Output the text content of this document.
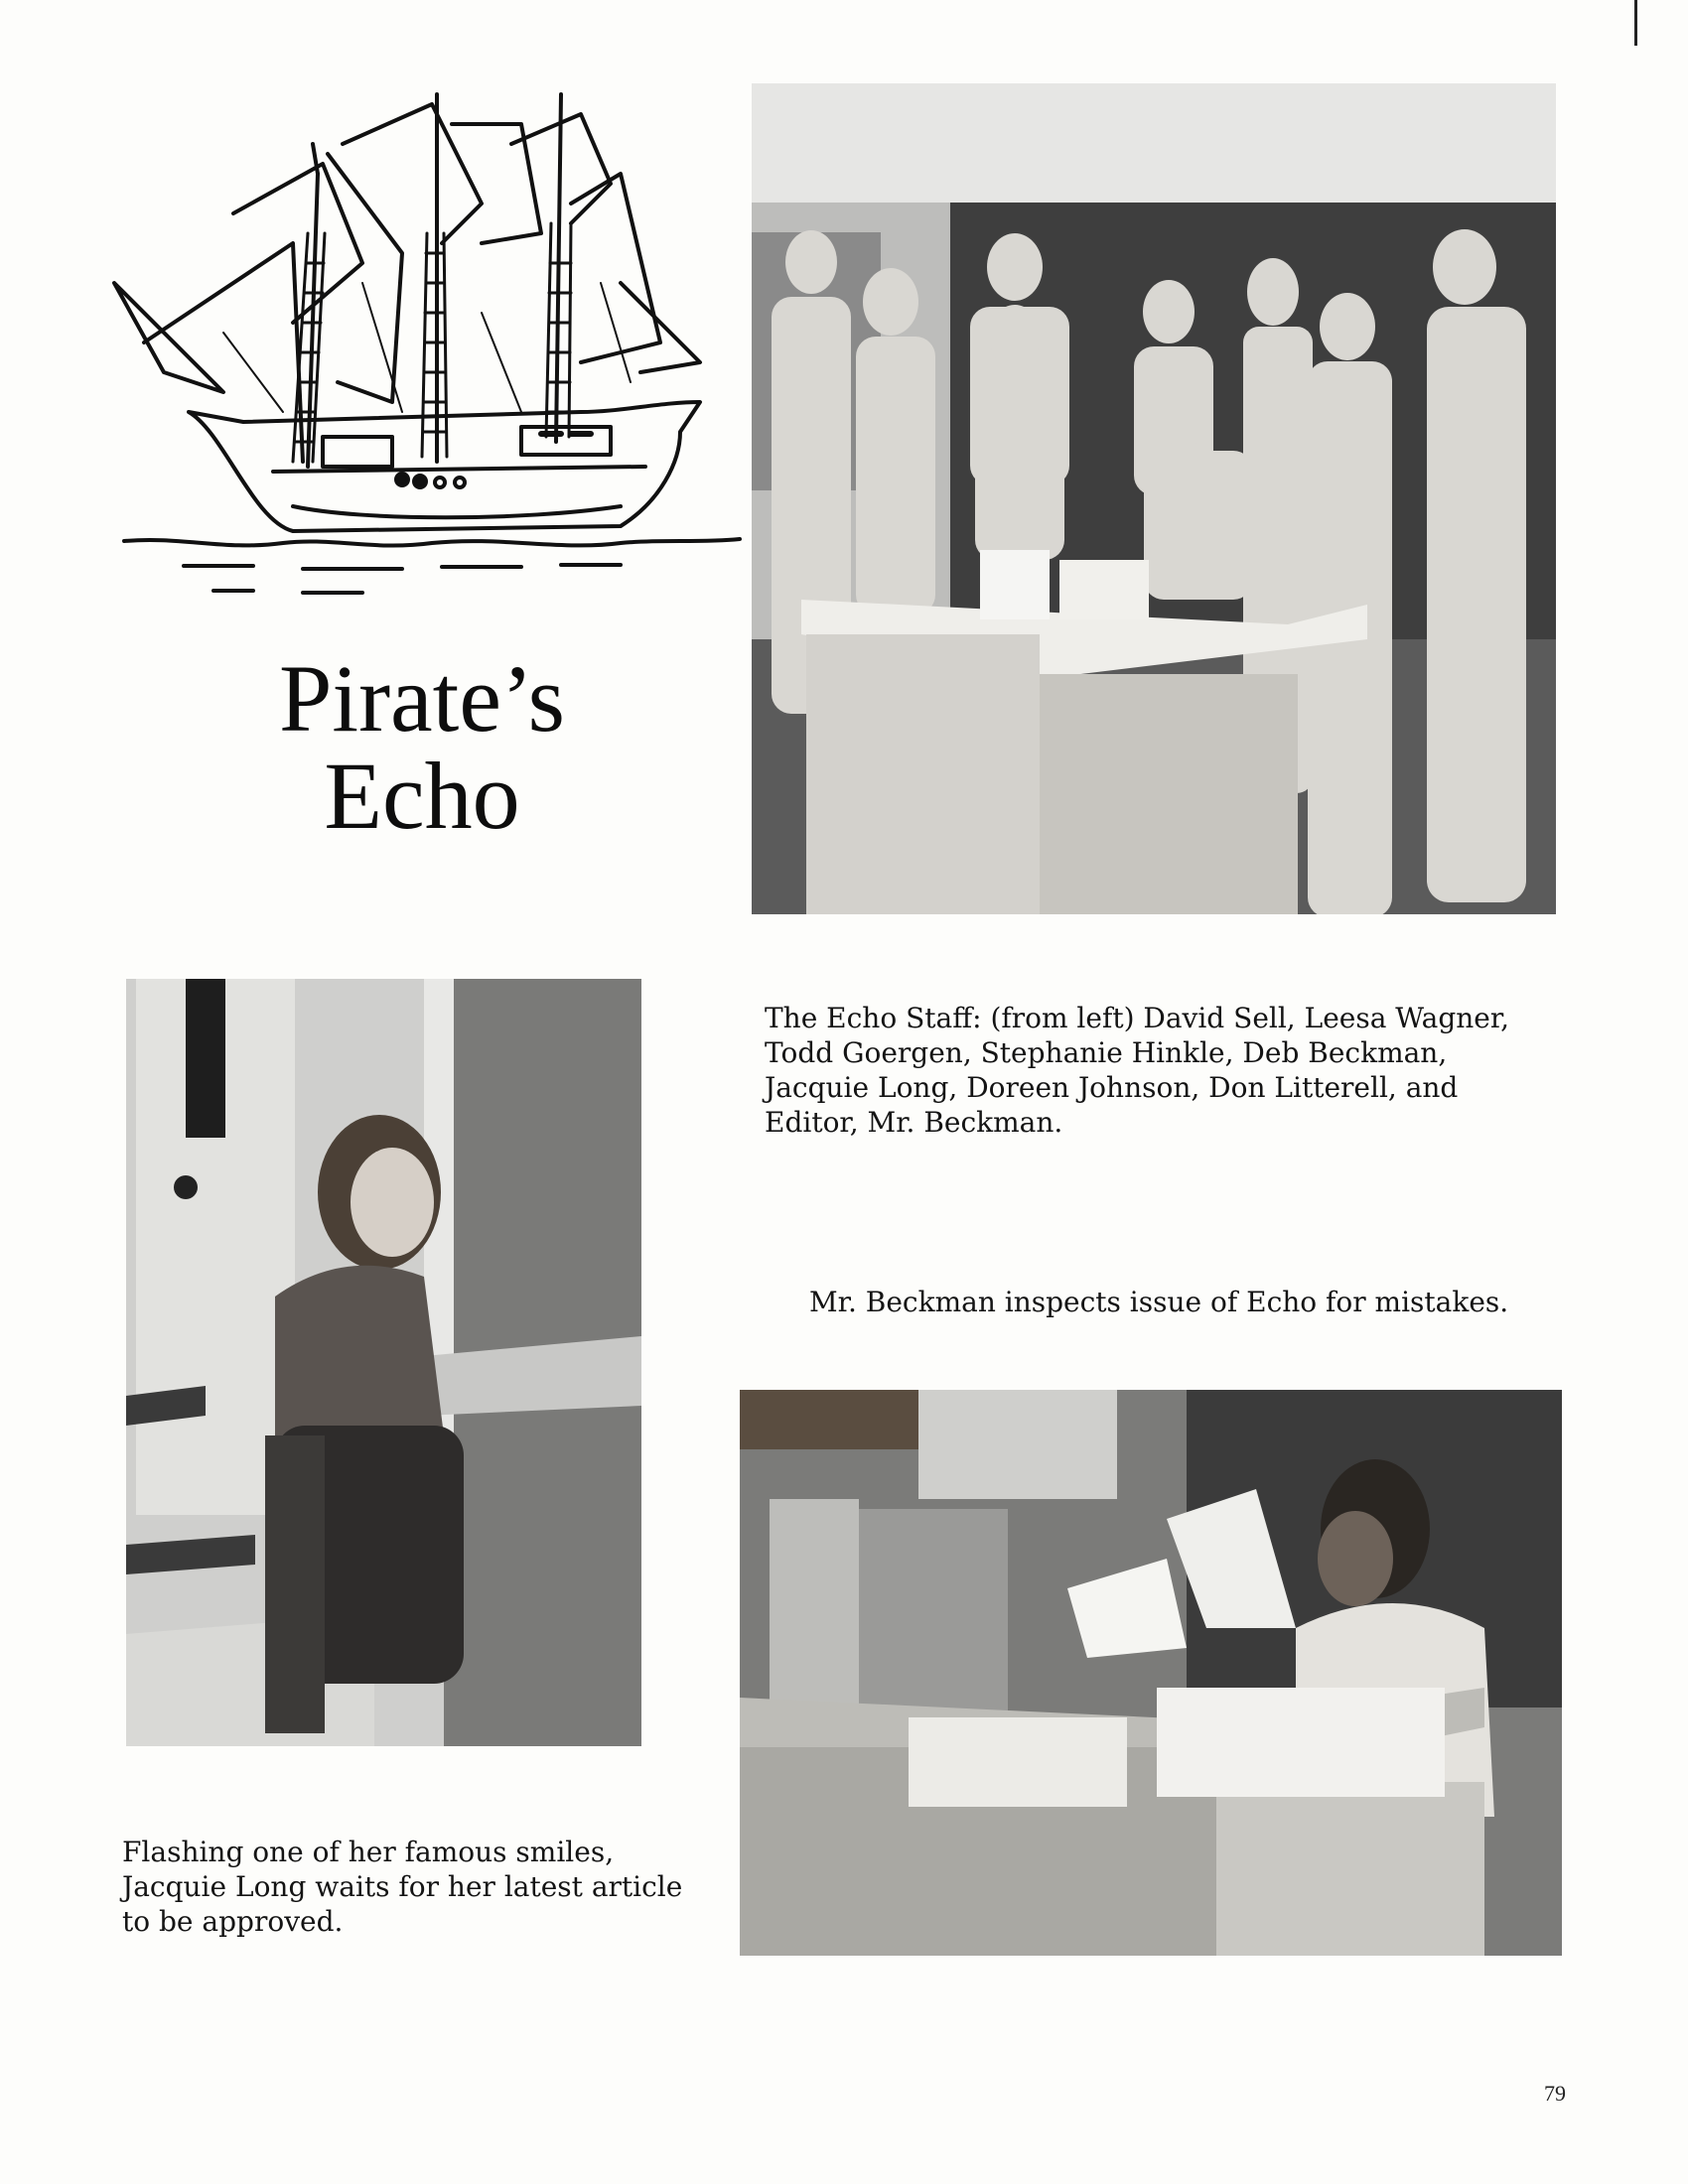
Pirate’s
Echo
The Echo Staff: (from left) David Sell, Leesa Wagner, Todd Goergen, Stephanie Hinkle, Deb Beckman, Jacquie Long, Doreen Johnson, Don Litterell, and Editor, Mr. Beckman.
Flashing one of her famous smiles, Jacquie Long waits for her latest article to be approved.
Mr. Beckman inspects issue of Echo for mistakes.
79
